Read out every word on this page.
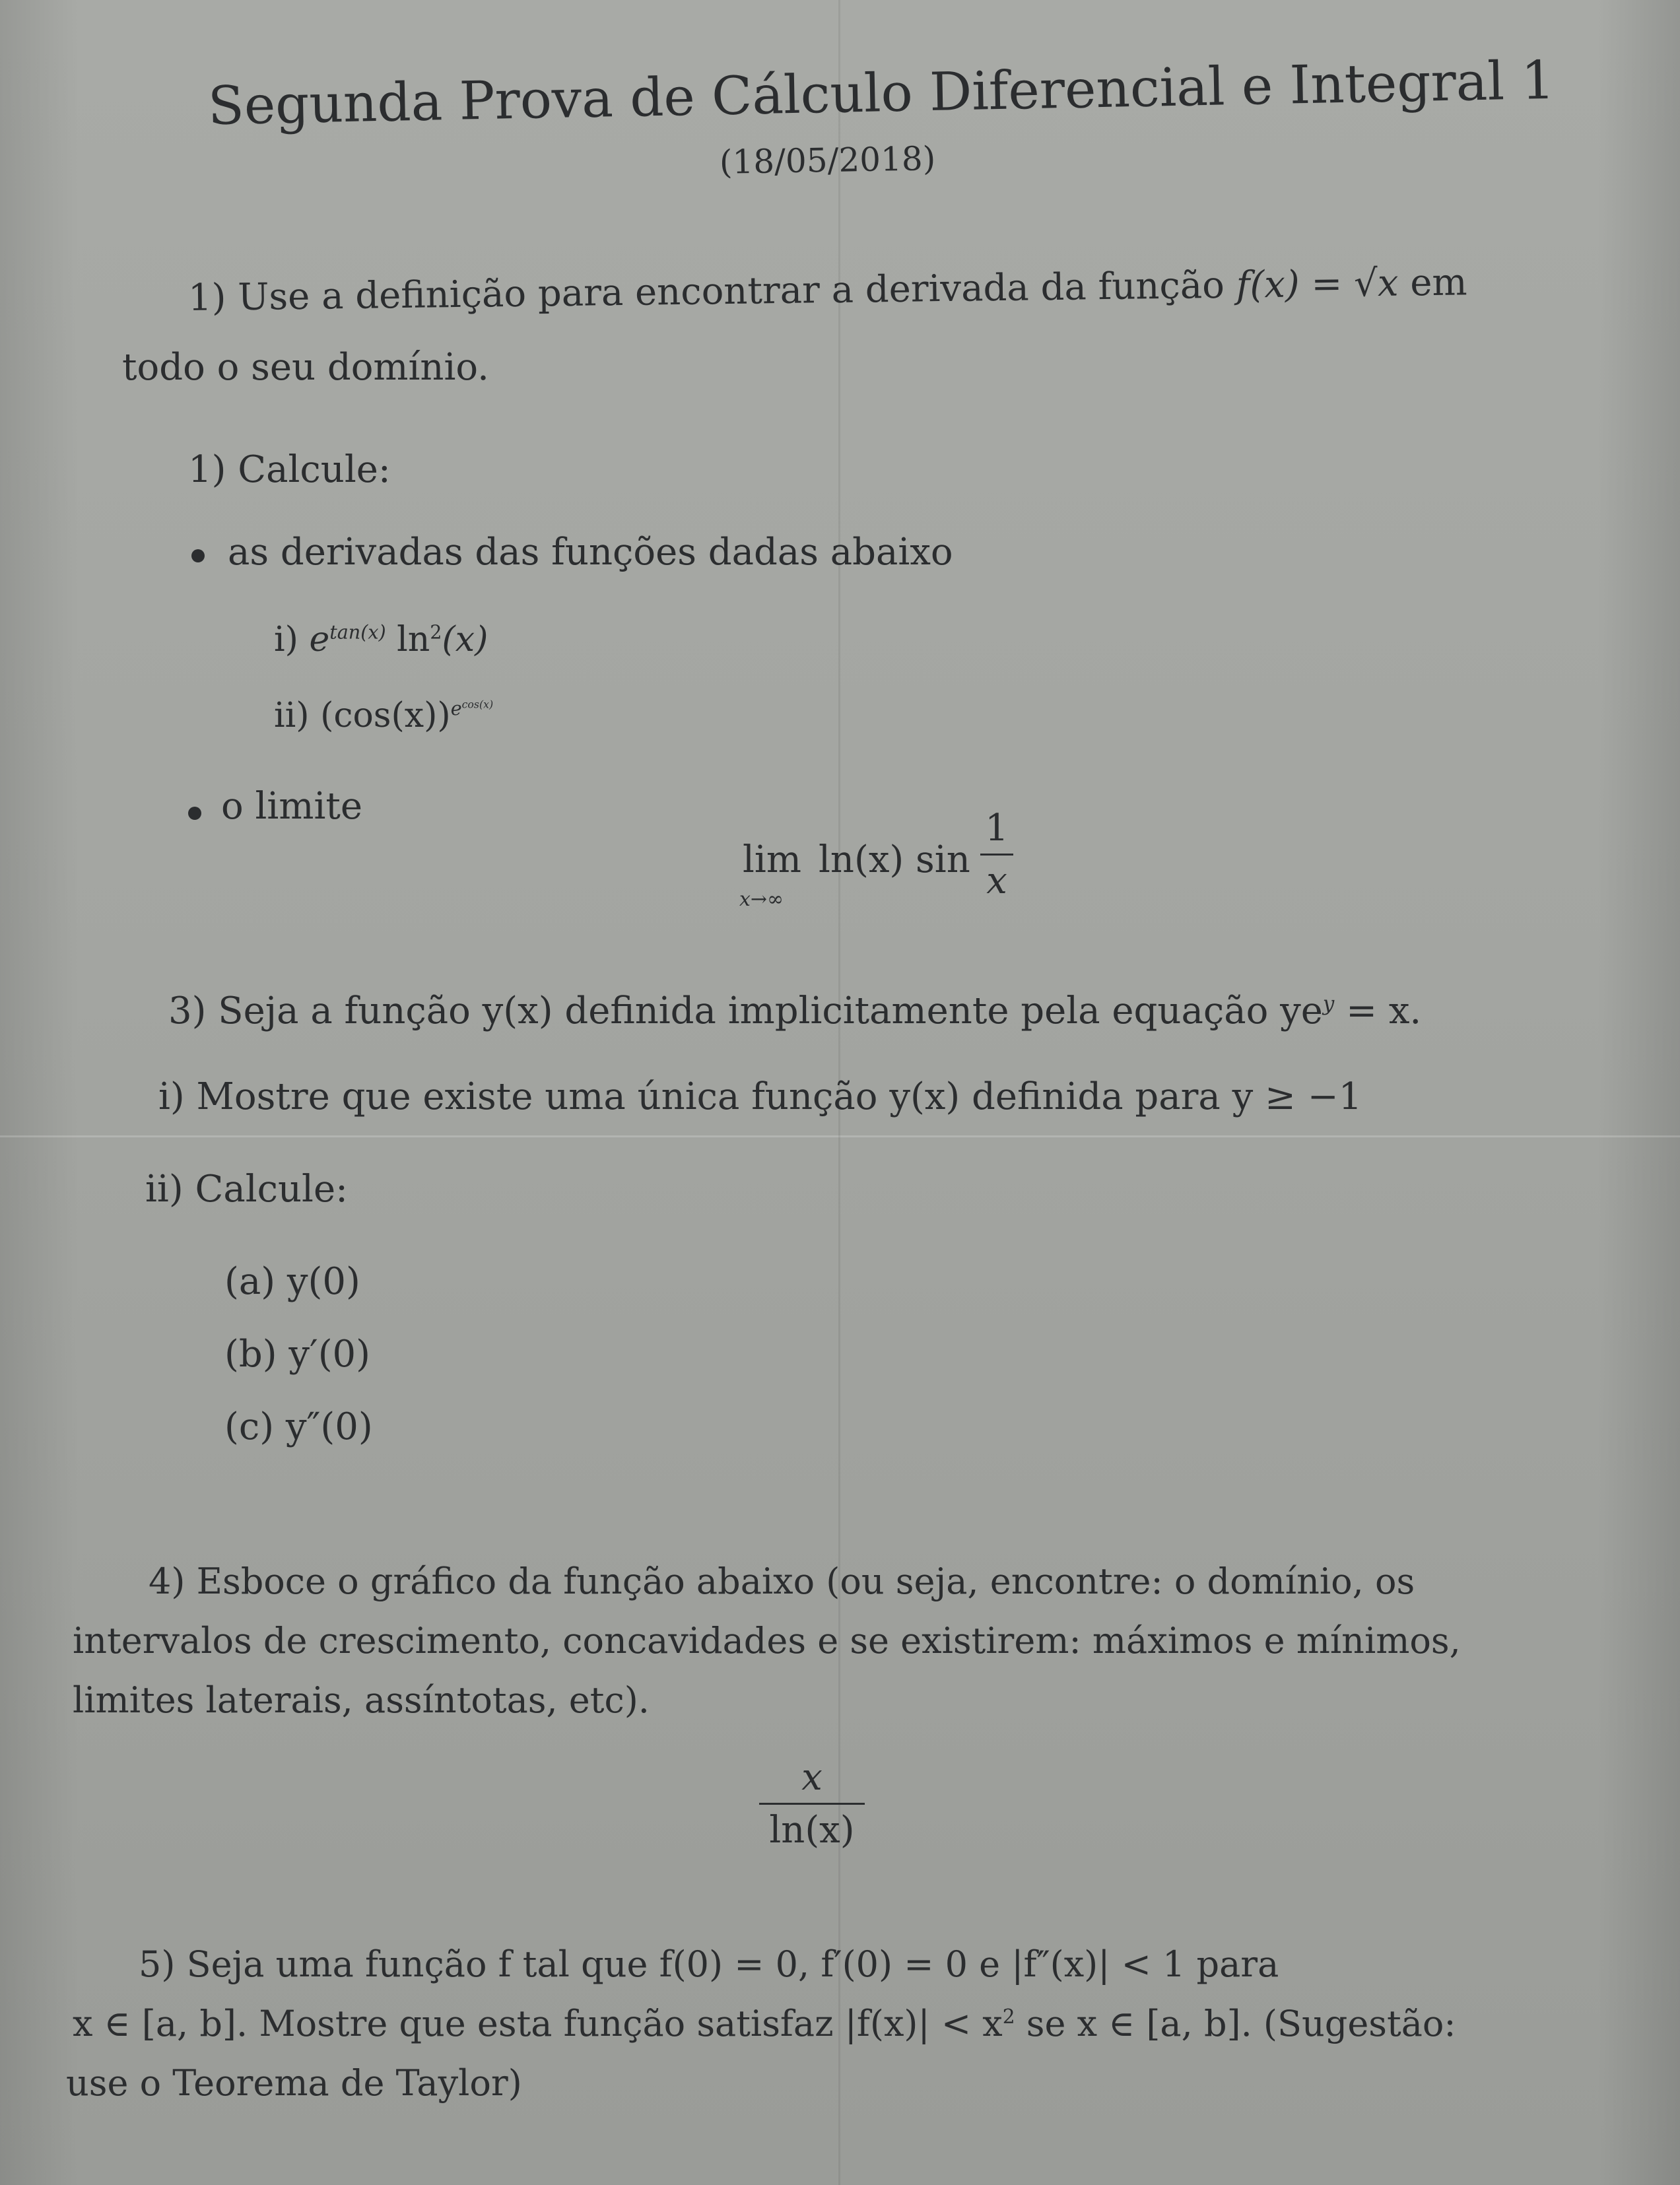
Segunda Prova de Cálculo Diferencial e Integral 1
(18/05/2018)
1) Use a definição para encontrar a derivada da função f(x) = √x em
todo o seu domínio.
1) Calcule:
as derivadas das funções dadas abaixo
i) $e^{tan(x)}$ $\ln^2(x)$
ii) $(\cos(x))^{e^{cos(x)}}$
o limite
lim
x→∞
ln(x) sin
1
x
3) Seja a função y(x) definida implicitamente pela equação $ye^y = x$.
i) Mostre que existe uma única função y(x) definida para y ≥ −1
ii) Calcule:
(a) y(0)
(b) y′(0)
(c) y″(0)
4) Esboce o gráfico da função abaixo (ou seja, encontre: o domínio, os
intervalos de crescimento, concavidades e se existirem: máximos e mínimos,
limites laterais, assíntotas, etc).
x
ln(x)
5) Seja uma função f tal que f(0) = 0, f′(0) = 0 e |f″(x)| < 1 para
x ∈ [a, b]. Mostre que esta função satisfaz $|f(x)| < x^2$ se x ∈ [a, b]. (Sugestão:
use o Teorema de Taylor)
